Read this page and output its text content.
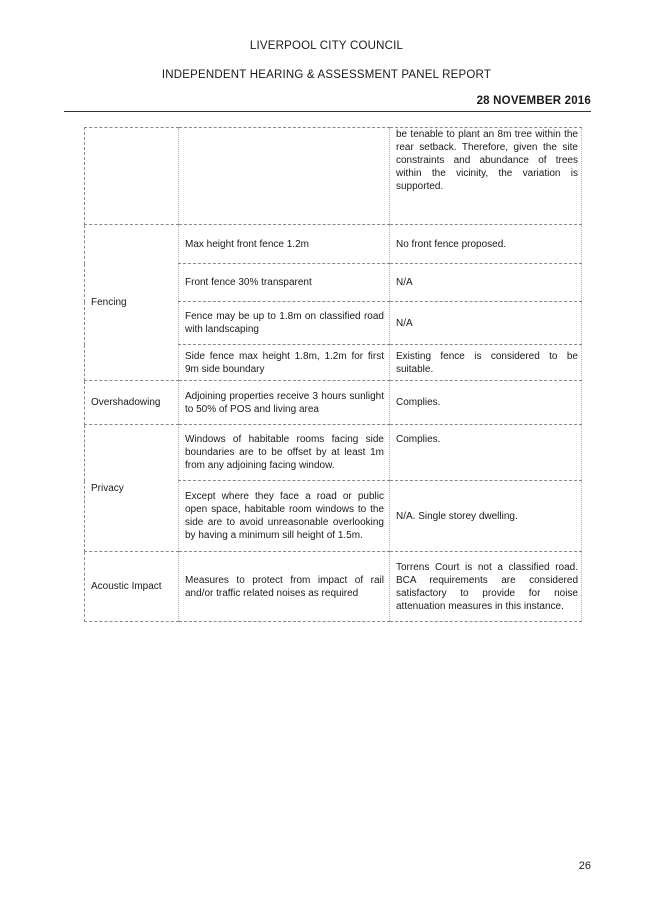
LIVERPOOL CITY COUNCIL
INDEPENDENT HEARING & ASSESSMENT PANEL REPORT
28 NOVEMBER 2016
		be tenable to plant an 8m tree within the rear setback. Therefore, given the site constraints and abundance of trees within the vicinity, the variation is supported.
Fencing	Max height front fence 1.2m	No front fence proposed.
	Front fence 30% transparent	N/A
	Fence may be up to 1.8m on classified road with landscaping	N/A
	Side fence max height 1.8m, 1.2m for first 9m side boundary	Existing fence is considered to be suitable.
Overshadowing	Adjoining properties receive 3 hours sunlight to 50% of POS and living area	Complies.
Privacy	Windows of habitable rooms facing side boundaries are to be offset by at least 1m from any adjoining facing window.	Complies.
	Except where they face a road or public open space, habitable room windows to the side are to avoid unreasonable overlooking by having a minimum sill height of 1.5m.	N/A. Single storey dwelling.
Acoustic Impact	Measures to protect from impact of rail and/or traffic related noises as required	Torrens Court is not a classified road. BCA requirements are considered satisfactory to provide for noise attenuation measures in this instance.
26
